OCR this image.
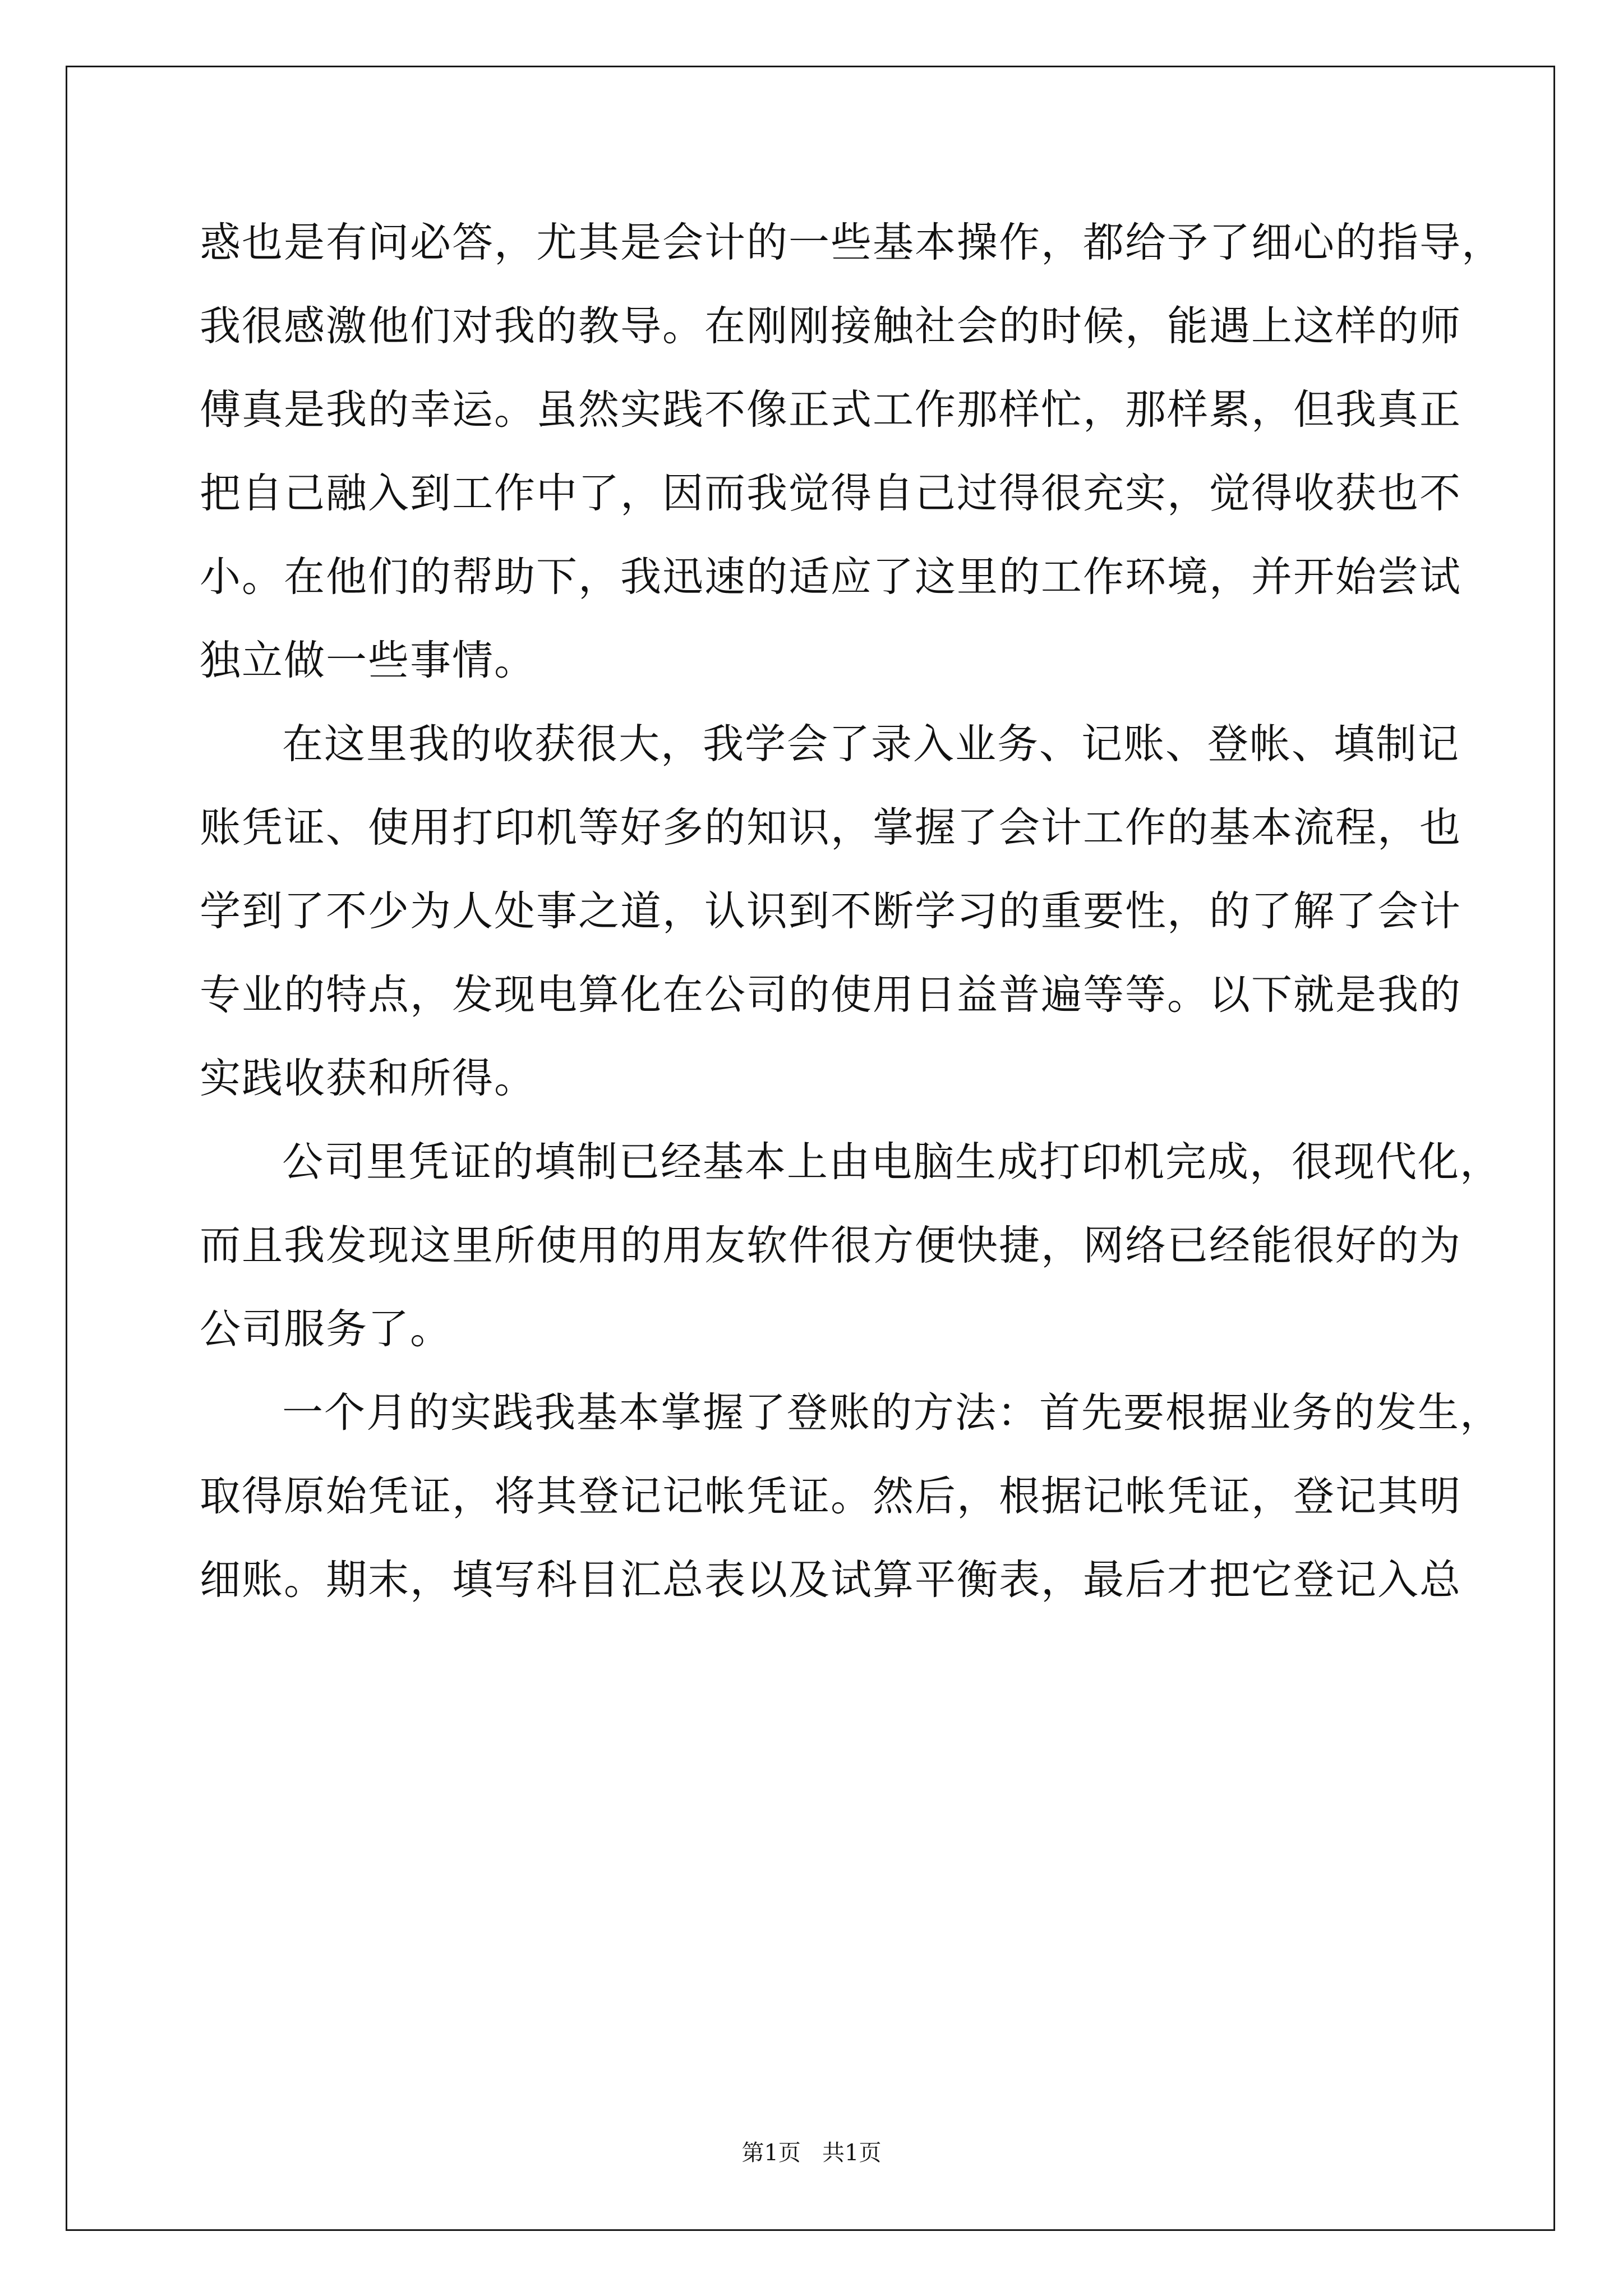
惑也是有问必答，尤其是会计的一些基本操作，都给予了细心的指导，
我很感激他们对我的教导。在刚刚接触社会的时候，能遇上这样的师
傅真是我的幸运。虽然实践不像正式工作那样忙，那样累，但我真正
把自己融入到工作中了，因而我觉得自己过得很充实，觉得收获也不
小。在他们的帮助下，我迅速的适应了这里的工作环境，并开始尝试
独立做一些事情。
在这里我的收获很大，我学会了录入业务、记账、登帐、填制记
账凭证、使用打印机等好多的知识，掌握了会计工作的基本流程，也
学到了不少为人处事之道，认识到不断学习的重要性，的了解了会计
专业的特点，发现电算化在公司的使用日益普遍等等。以下就是我的
实践收获和所得。
公司里凭证的填制已经基本上由电脑生成打印机完成，很现代化，
而且我发现这里所使用的用友软件很方便快捷，网络已经能很好的为
公司服务了。
一个月的实践我基本掌握了登账的方法：首先要根据业务的发生，
取得原始凭证，将其登记记帐凭证。然后，根据记帐凭证，登记其明
细账。期末，填写科目汇总表以及试算平衡表，最后才把它登记入总
第1页   共1页
